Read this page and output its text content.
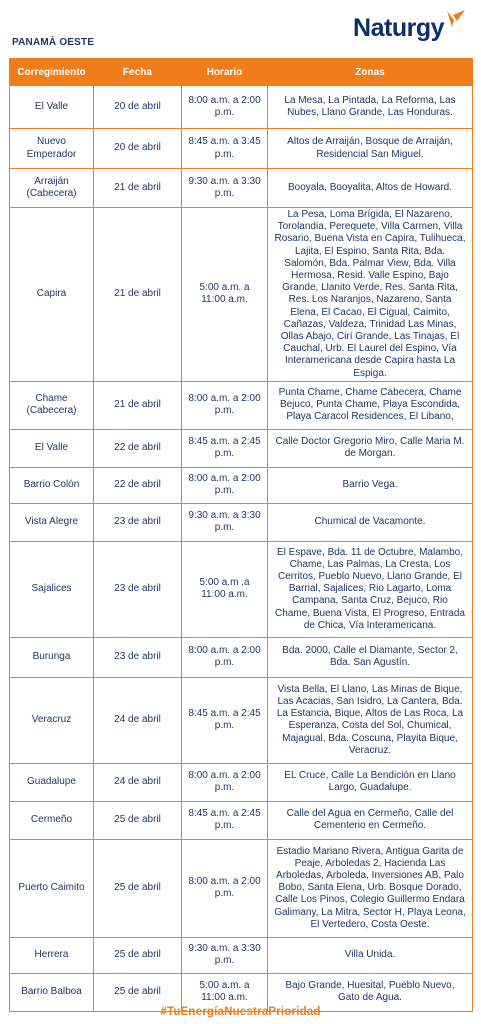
PANAMÁ OESTE
Naturgy
Corregimiento	Fecha	Horario	Zonas
El Valle	20 de abril	8:00 a.m. a 2:00 p.m.	La Mesa, La Pintada, La Reforma, Las Nubes, Llano Grande, Las Honduras.
Nuevo Emperador	20 de abril	8:45 a.m. a 3:45 p.m.	Altos de Arraiján, Bosque de Arraiján, Residencial San Miguel.
Arraiján (Cabecera)	21 de abril	9:30 a.m. a 3:30 p.m.	Booyala, Booyalita, Altos de Howard.
Capira	21 de abril	5:00 a.m. a 11:00 a.m.	La Pesa, Loma Brígida, El Nazareno, Torolandia, Perequete, Villa Carmen, Villa Rosario, Buena Vista en Capira, Tulihueca, Lajita, El Espino, Santa Rita, Bda. Salomón, Bda. Palmar View, Bda. Villa Hermosa, Resid. Valle Espino, Bajo Grande, Llanito Verde, Res. Santa Rita, Res. Los Naranjos, Nazareno, Santa Elena, El Cacao, El Cigual, Caimito, Cañazas, Valdeza, Trinidad Las Minas, Ollas Abajo, Cirí Grande, Las Tinajas, El Cauchal, Urb. El Laurel del Espino, Vía Interamericana desde Capira hasta La Espiga.
Chame (Cabecera)	21 de abril	8:00 a.m. a 2:00 p.m.	Punta Chame, Chame Cabecera, Chame Bejuco, Punta Chame, Playa Escondida, Playa Caracol Residences, El Libano,
El Valle	22 de abril	8:45 a.m. a 2:45 p.m.	Calle Doctor Gregorio Miro, Calle Maria M. de Morgan.
Barrio Colón	22 de abril	8:00 a.m. a 2:00 p.m.	Barrio Vega.
Vista Alegre	23 de abril	9:30 a.m. a 3:30 p.m.	Chumical de Vacamonte.
Sajalices	23 de abril	5:00 a.m .a 11:00 a.m.	El Espave, Bda. 11 de Octubre, Malambo, Chame, Las Palmas, La Cresta, Los Cerritos, Pueblo Nuevo, Llano Grande, El Barrial, Sajalices, Rio Lagarto, Loma Campana, Santa Cruz, Bejuco, Rio Chame, Buena Vista, El Progreso, Entrada de Chica, Vía Interamericana.
Burunga	23 de abril	8:00 a.m. a 2:00 p.m.	Bda. 2000, Calle el Diamante, Sector 2, Bda. San Agustín.
Veracruz	24 de abril	8:45 a.m. a 2:45 p.m.	Vista Bella, El Llano, Las Minas de Bique, Las Acacias, San Isidro, La Cantera, Bda. La Estancia, Bique, Altos de Las Roca, La Esperanza, Costa del Sol, Chumical, Majagual, Bda. Coscuna, Playita Bique, Veracruz.
Guadalupe	24 de abril	8:00 a.m. a 2:00 p.m.	EL Cruce, Calle La Bendición en Llano Largo, Guadalupe.
Cermeño	25 de abril	8:45 a.m. a 2:45 p.m.	Calle del Agua en Cermeño, Calle del Cementerio en Cermeño.
Puerto Caimito	25 de abril	8:00 a.m. a 2:00 p.m.	Estadio Mariano Rivera, Antigua Garita de Peaje, Arboledas 2, Hacienda Las Arboledas, Arboleda, Inversiones AB, Palo Bobo, Santa Elena, Urb. Bosque Dorado, Calle Los Pinos, Colegio Guillermo Endara Galimany, La Mitra, Sector H, Playa Leona, El Vertedero, Costa Oeste.
Herrera	25 de abril	9:30 a.m. a 3:30 p.m.	Villa Unida.
Barrio Balboa	25 de abril	5:00 a.m. a 11:00 a.m.	Bajo Grande, Huesital, Pueblo Nuevo, Gato de Agua.
#TuEnergíaNuestraPrioridad
